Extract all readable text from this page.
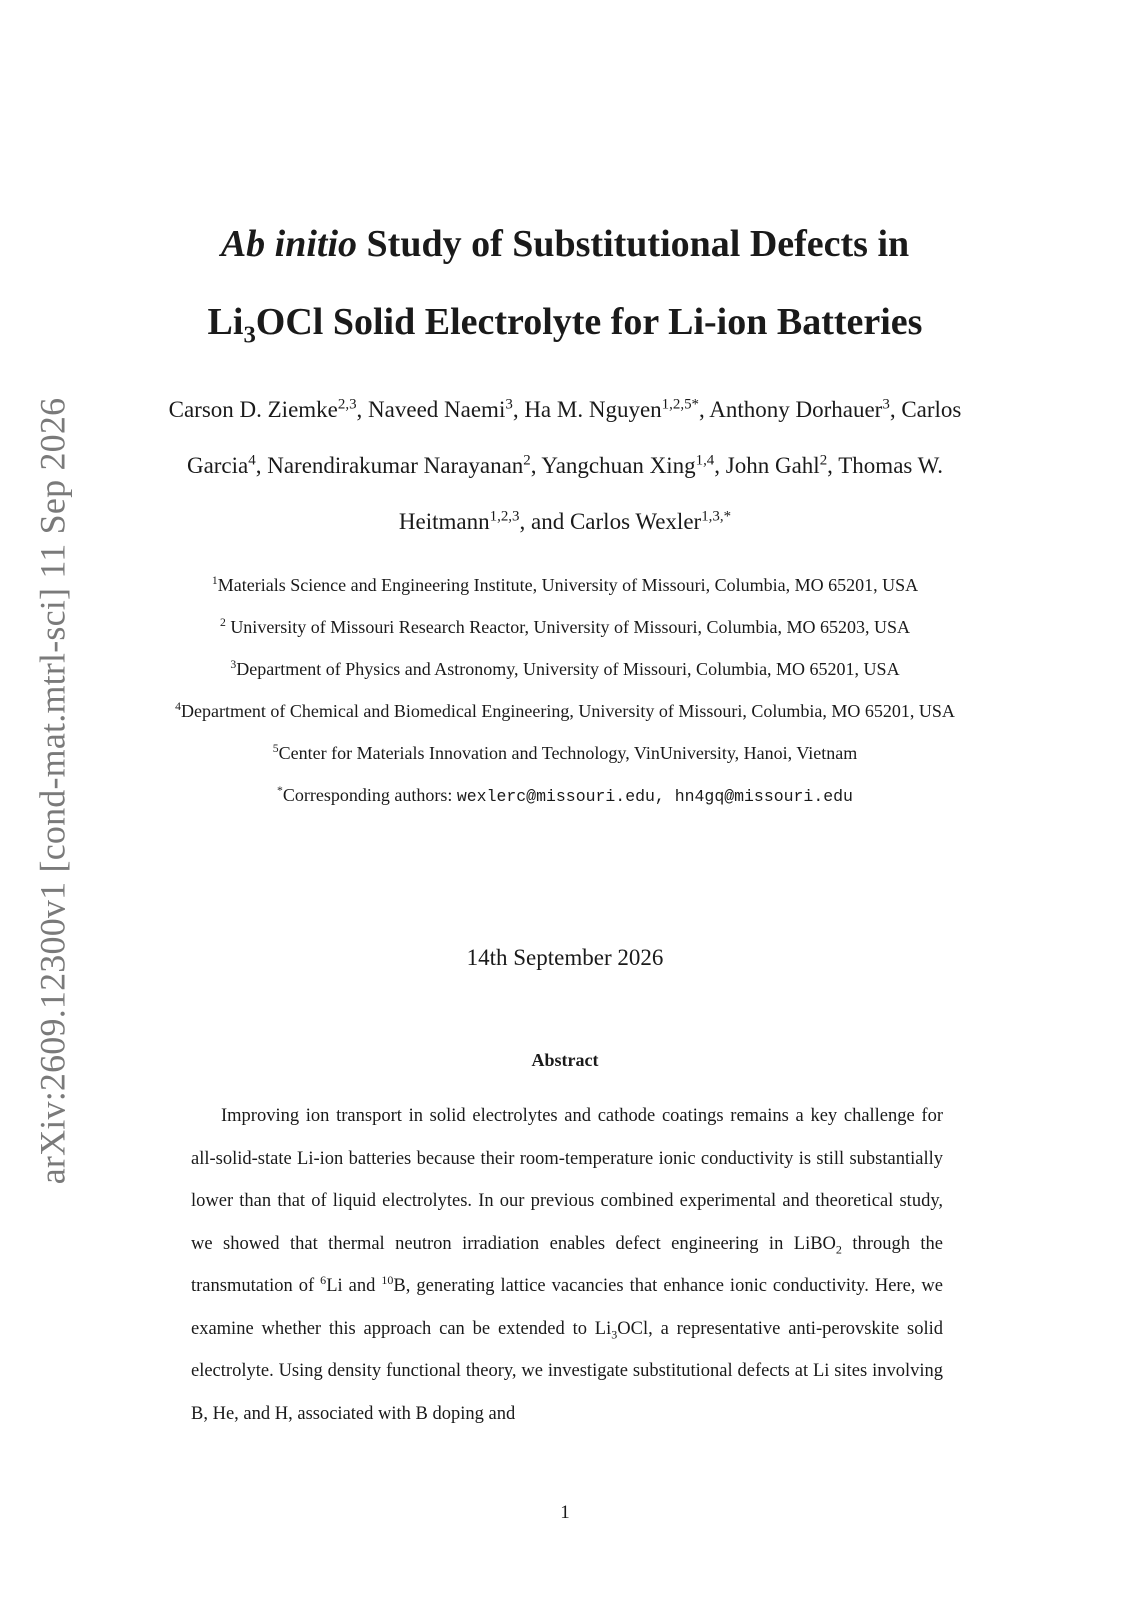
arXiv:2609.12300v1 [cond-mat.mtrl-sci] 11 Sep 2026
Ab initio Study of Substitutional Defects in
$Li_3OCl$ Solid Electrolyte for Li-ion Batteries
Carson D. Ziemke$^{2,3}$, Naveed Naemi$^3$, Ha M. Nguyen$^{1,2,5*}$, Anthony Dorhauer$^3$, Carlos Garcia$^4$, Narendirakumar Narayanan$^2$, Yangchuan Xing$^{1,4}$, John Gahl$^2$, Thomas W. Heitmann$^{1,2,3}$, and Carlos Wexler$^{1,3,*}$
$^1$Materials Science and Engineering Institute, University of Missouri, Columbia, MO 65201, USA
$^2$ University of Missouri Research Reactor, University of Missouri, Columbia, MO 65203, USA
$^3$Department of Physics and Astronomy, University of Missouri, Columbia, MO 65201, USA
$^4$Department of Chemical and Biomedical Engineering, University of Missouri, Columbia, MO 65201, USA
$^5$Center for Materials Innovation and Technology, VinUniversity, Hanoi, Vietnam
*Corresponding authors: wexlerc@missouri.edu, hn4gq@missouri.edu
14th September 2026
Abstract

Improving ion transport in solid electrolytes and cathode coatings remains a key challenge for all-solid-state Li-ion batteries because their room-temperature ionic conductivity is still substantially lower than that of liquid electrolytes. In our previous combined experimental and theoretical study, we showed that thermal neutron irradiation enables defect engineering in LiBO$_2$ through the transmutation of $^6$Li and $^{10}$B, generating lattice vacancies that enhance ionic conductivity. Here, we examine whether this approach can be extended to $Li_3OCl$, a representative anti-perovskite solid electrolyte. Using density functional theory, we investigate substitutional defects at Li sites involving B, He, and H, associated with B doping and

1
